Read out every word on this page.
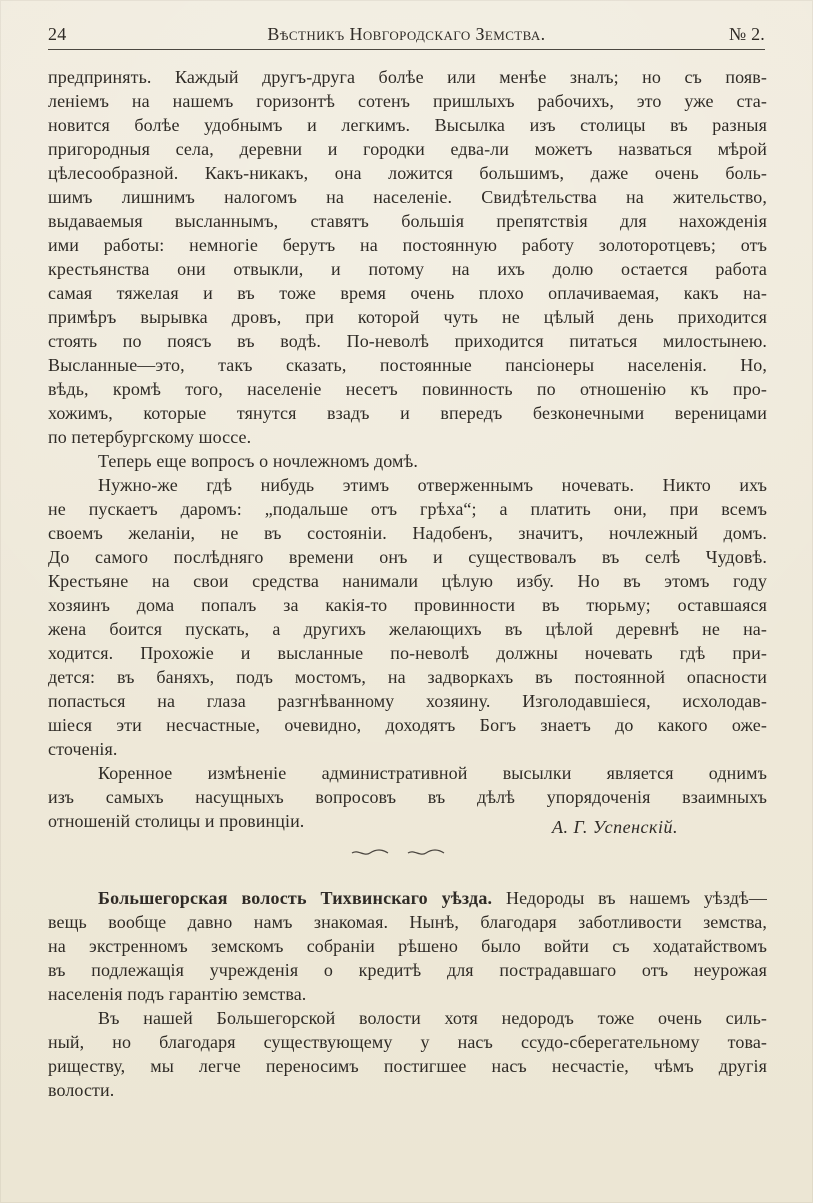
24	Вѣстникъ Новгородскаго Земства.	№ 2.
предпринять. Каждый другъ-друга болѣе или менѣе зналъ; но съ появ-
леніемъ на нашемъ горизонтѣ сотенъ пришлыхъ рабочихъ, это уже ста-
новится болѣе удобнымъ и легкимъ. Высылка изъ столицы въ разныя
пригородныя села, деревни и городки едва-ли можетъ назваться мѣрой
цѣлесообразной. Какъ-никакъ, она ложится большимъ, даже очень боль-
шимъ лишнимъ налогомъ на населеніе. Свидѣтельства на жительство,
выдаваемыя высланнымъ, ставятъ большія препятствія для нахожденія
ими работы: немногіе берутъ на постоянную работу золоторотцевъ; отъ
крестьянства они отвыкли, и потому на ихъ долю остается работа
самая тяжелая и въ тоже время очень плохо оплачиваемая, какъ на-
примѣръ вырывка дровъ, при которой чуть не цѣлый день приходится
стоять по поясъ въ водѣ. По-неволѣ приходится питаться милостынею.
Высланные—это, такъ сказать, постоянные пансіонеры населенія. Но,
вѣдь, кромѣ того, населеніе несетъ повинность по отношенію къ про-
хожимъ, которые тянутся взадъ и впередъ безконечными вереницами
по петербургскому шоссе.
Теперь еще вопросъ о ночлежномъ домѣ.
Нужно-же гдѣ нибудь этимъ отверженнымъ ночевать. Никто ихъ
не пускаетъ даромъ: „подальше отъ грѣха“; а платить они, при всемъ
своемъ желаніи, не въ состояніи. Надобенъ, значитъ, ночлежный домъ.
До самого послѣдняго времени онъ и существовалъ въ селѣ Чудовѣ.
Крестьяне на свои средства нанимали цѣлую избу. Но въ этомъ году
хозяинъ дома попалъ за какія-то провинности въ тюрьму; оставшаяся
жена боится пускать, а другихъ желающихъ въ цѣлой деревнѣ не на-
ходится. Прохожіе и высланные по-неволѣ должны ночевать гдѣ при-
дется: въ баняхъ, подъ мостомъ, на задворкахъ въ постоянной опасности
попасться на глаза разгнѣванному хозяину. Изголодавшіеся, исхолодав-
шіеся эти несчастные, очевидно, доходятъ Богъ знаетъ до какого оже-
сточенія.
Коренное измѣненіе административной высылки является однимъ
изъ самыхъ насущныхъ вопросовъ въ дѣлѣ упорядоченія взаимныхъ
отношеній столицы и провинціи.	А. Г. Успенскій.
Большегорская волость Тихвинскаго уѣзда. Недороды въ нашемъ уѣздѣ—
вещь вообще давно намъ знакомая. Нынѣ, благодаря заботливости земства,
на экстренномъ земскомъ собраніи рѣшено было войти съ ходатайствомъ
въ подлежащія учрежденія о кредитѣ для пострадавшаго отъ неурожая
населенія подъ гарантію земства.
Въ нашей Большегорской волости хотя недородъ тоже очень силь-
ный, но благодаря существующему у насъ ссудо-сберегательному това-
риществу, мы легче переносимъ постигшее насъ несчастіе, чѣмъ другія
волости.
